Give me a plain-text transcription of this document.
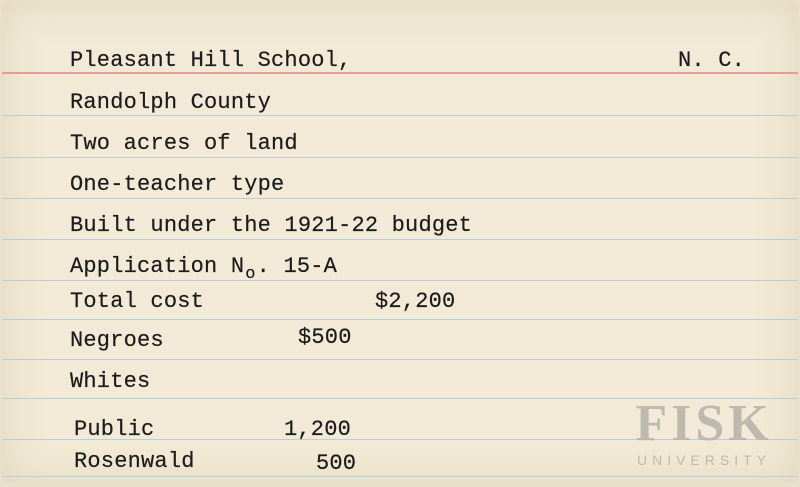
Pleasant Hill School,	N. C.
Randolph County
Two acres of land
One-teacher type
Built under the 1921-22 budget
Application $N_o$. 15-A
Total cost	$2,200
Negroes	$500
Whites
Public	1,200
Rosenwald	500
FISK
UNIVERSITY
